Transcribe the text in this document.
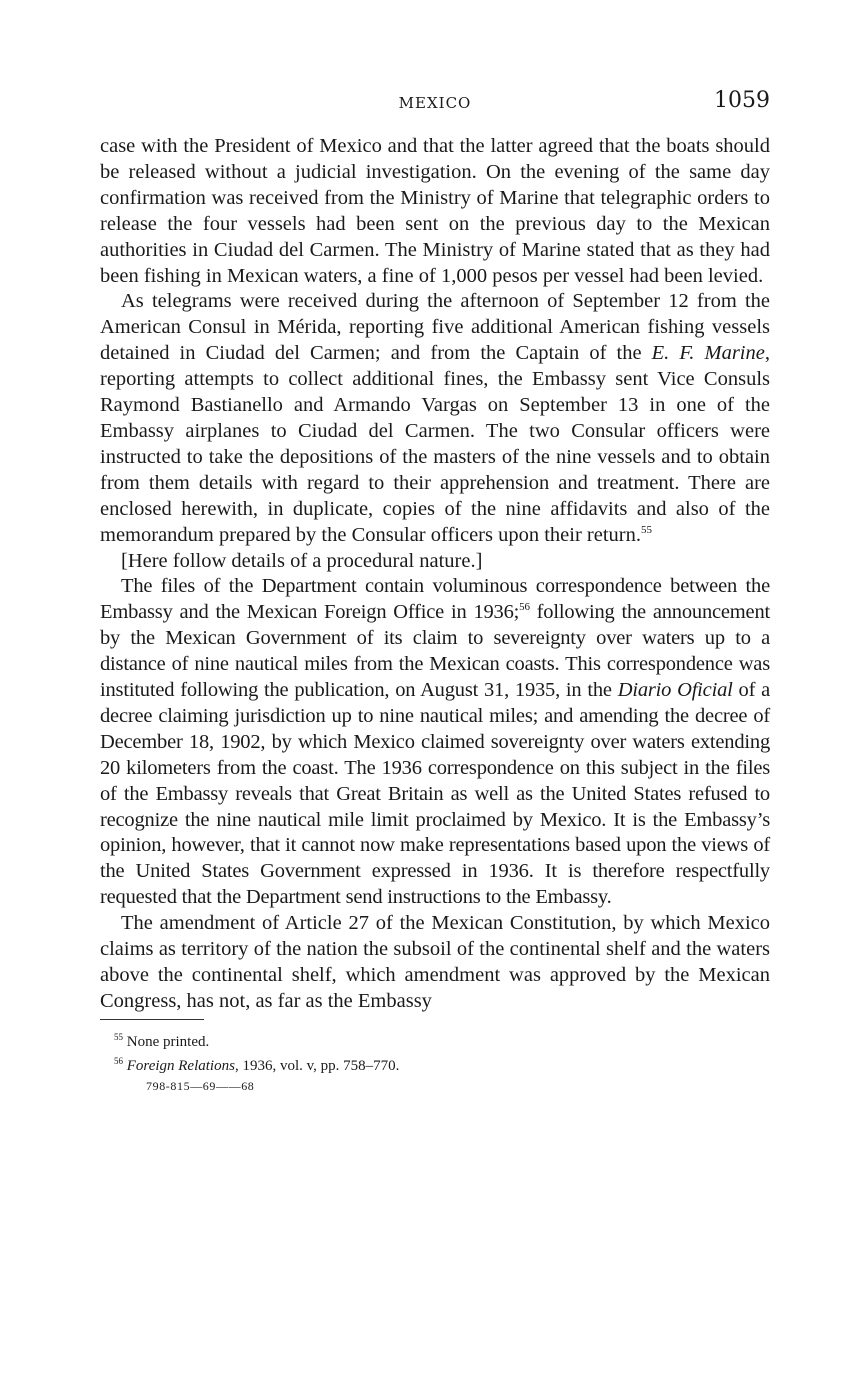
MEXICO	1059

case with the President of Mexico and that the latter agreed that the boats should be released without a judicial investigation. On the evening of the same day confirmation was received from the Ministry of Marine that telegraphic orders to release the four vessels had been sent on the previous day to the Mexican authorities in Ciudad del Carmen. The Ministry of Marine stated that as they had been fishing in Mexican waters, a fine of 1,000 pesos per vessel had been levied.

As telegrams were received during the afternoon of September 12 from the American Consul in Mérida, reporting five additional American fishing vessels detained in Ciudad del Carmen; and from the Captain of the E. F. Marine, reporting attempts to collect additional fines, the Embassy sent Vice Consuls Raymond Bastianello and Armando Vargas on September 13 in one of the Embassy airplanes to Ciudad del Carmen. The two Consular officers were instructed to take the depositions of the masters of the nine vessels and to obtain from them details with regard to their apprehension and treatment. There are enclosed herewith, in duplicate, copies of the nine affidavits and also of the memorandum prepared by the Consular officers upon their return.$^{55}$

[Here follow details of a procedural nature.]

The files of the Department contain voluminous correspondence between the Embassy and the Mexican Foreign Office in 1936;$^{56}$ following the announcement by the Mexican Government of its claim to severeignty over waters up to a distance of nine nautical miles from the Mexican coasts. This correspondence was instituted following the publication, on August 31, 1935, in the Diario Oficial of a decree claiming jurisdiction up to nine nautical miles; and amending the decree of December 18, 1902, by which Mexico claimed sovereignty over waters extending 20 kilometers from the coast. The 1936 correspondence on this subject in the files of the Embassy reveals that Great Britain as well as the United States refused to recognize the nine nautical mile limit proclaimed by Mexico. It is the Embassy’s opinion, however, that it cannot now make representations based upon the views of the United States Government expressed in 1936. It is therefore respectfully requested that the Department send instructions to the Embassy.

The amendment of Article 27 of the Mexican Constitution, by which Mexico claims as territory of the nation the subsoil of the continental shelf and the waters above the continental shelf, which amendment was approved by the Mexican Congress, has not, as far as the Embassy

$^{55}$ None printed.

$^{56}$ Foreign Relations, 1936, vol. v, pp. 758–770.

798-815—69——68
